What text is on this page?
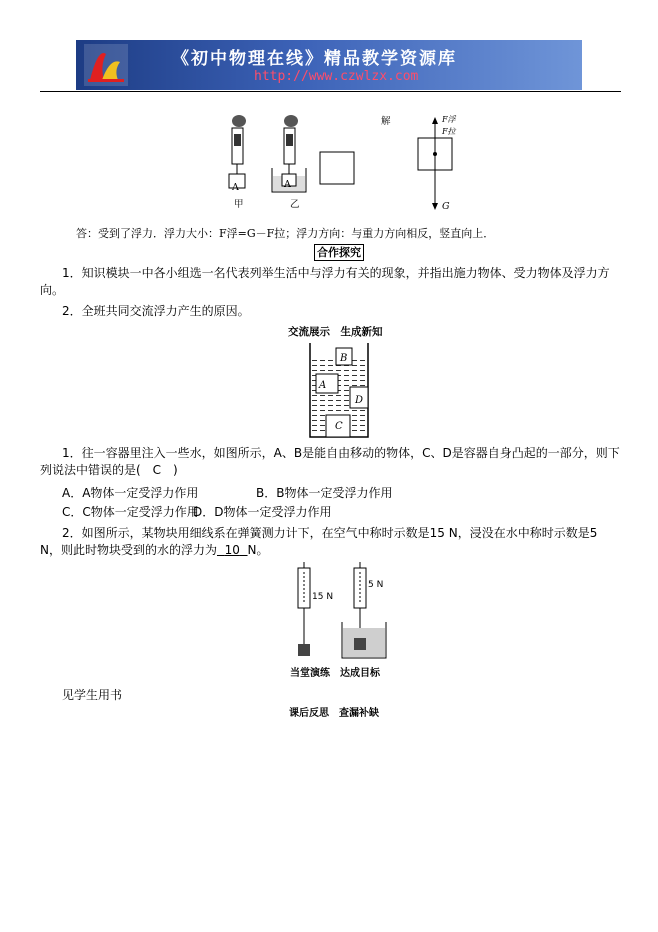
《初中物理在线》精品教学资源库
http://www.czwlzx.com
A	A
甲	乙
解	F浮
F拉
G
答：受到了浮力．浮力大小：F浮=G－F拉；浮力方向：与重力方向相反，竖直向上．
合作探究
1．知识模块一中各小组选一名代表列举生活中与浮力有关的现象，并指出施力物体、受力物体及浮力方向。
2．全班共同交流浮力产生的原因。
交流展示　生成新知
B
A
D
C
1．往一容器里注入一些水，如图所示，A、B是能自由移动的物体，C、D是容器自身凸起的一部分，则下列说法中错误的是(　C　)
A．A物体一定受浮力作用	B．B物体一定受浮力作用
C．C物体一定受浮力作用
D．D物体一定受浮力作用
2．如图所示，某物块用细线系在弹簧测力计下，在空气中称时示数是15 N，浸没在水中称时示数是5 N，则此时物块受到的水的浮力为 10 N。
15 N
5 N
当堂演练　达成目标
见学生用书
课后反思　查漏补缺
